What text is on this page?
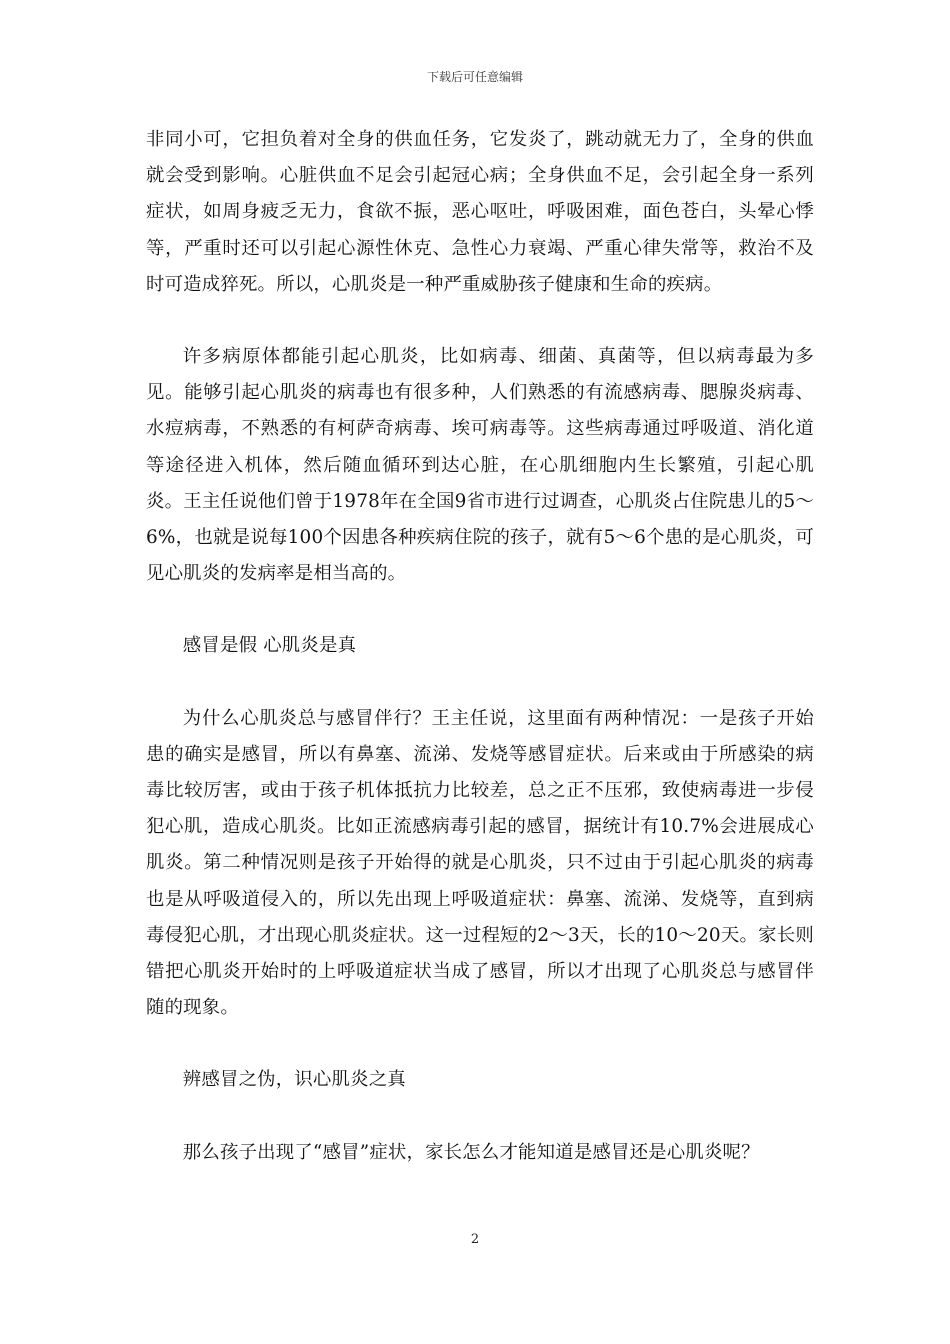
下载后可任意编辑

非同小可，它担负着对全身的供血任务，它发炎了，跳动就无力了，全身的供血就会受到影响。心脏供血不足会引起冠心病；全身供血不足，会引起全身一系列症状，如周身疲乏无力，食欲不振，恶心呕吐，呼吸困难，面色苍白，头晕心悸等，严重时还可以引起心源性休克、急性心力衰竭、严重心律失常等，救治不及时可造成猝死。所以，心肌炎是一种严重威胁孩子健康和生命的疾病。

许多病原体都能引起心肌炎，比如病毒、细菌、真菌等，但以病毒最为多见。能够引起心肌炎的病毒也有很多种，人们熟悉的有流感病毒、腮腺炎病毒、水痘病毒，不熟悉的有柯萨奇病毒、埃可病毒等。这些病毒通过呼吸道、消化道等途径进入机体，然后随血循环到达心脏，在心肌细胞内生长繁殖，引起心肌炎。王主任说他们曾于1978年在全国9省市进行过调查，心肌炎占住院患儿的5～6%，也就是说每100个因患各种疾病住院的孩子，就有5～6个患的是心肌炎，可见心肌炎的发病率是相当高的。

感冒是假 心肌炎是真

为什么心肌炎总与感冒伴行？王主任说，这里面有两种情况：一是孩子开始患的确实是感冒，所以有鼻塞、流涕、发烧等感冒症状。后来或由于所感染的病毒比较厉害，或由于孩子机体抵抗力比较差，总之正不压邪，致使病毒进一步侵犯心肌，造成心肌炎。比如正流感病毒引起的感冒，据统计有10.7%会进展成心肌炎。第二种情况则是孩子开始得的就是心肌炎，只不过由于引起心肌炎的病毒也是从呼吸道侵入的，所以先出现上呼吸道症状：鼻塞、流涕、发烧等，直到病毒侵犯心肌，才出现心肌炎症状。这一过程短的2～3天，长的10～20天。家长则错把心肌炎开始时的上呼吸道症状当成了感冒，所以才出现了心肌炎总与感冒伴随的现象。

辨感冒之伪，识心肌炎之真

那么孩子出现了“感冒”症状，家长怎么才能知道是感冒还是心肌炎呢？

2
